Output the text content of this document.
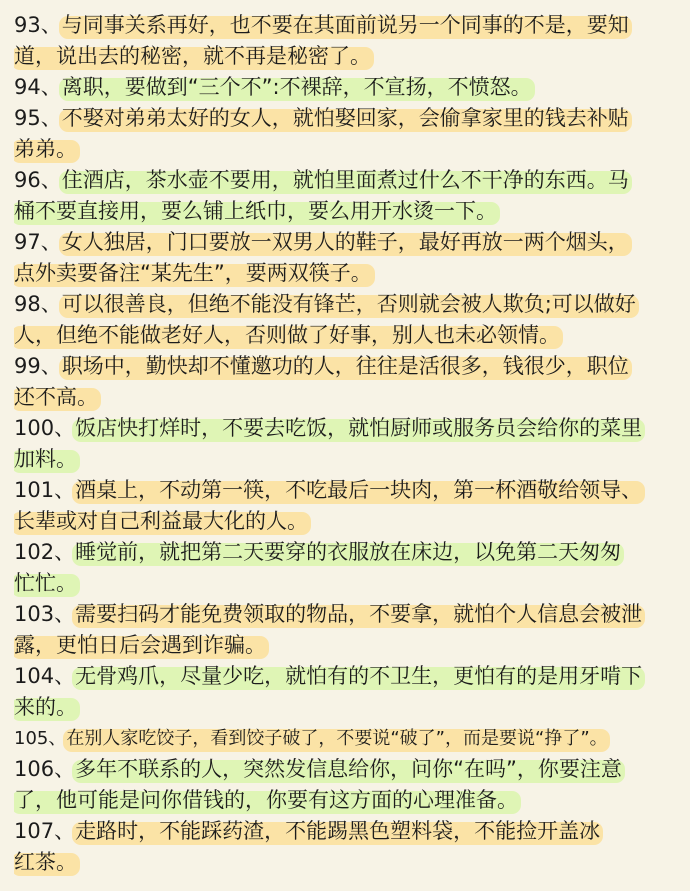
93、与同事关系再好，也不要在其面前说另一个同事的不是，要知
道，说出去的秘密，就不再是秘密了。
94、离职，要做到“三个不”:不裸辞，不宣扬，不愤怒。
95、不娶对弟弟太好的女人，就怕娶回家，会偷拿家里的钱去补贴
弟弟。
96、住酒店，茶水壶不要用，就怕里面煮过什么不干净的东西。马
桶不要直接用，要么铺上纸巾，要么用开水烫一下。
97、女人独居，门口要放一双男人的鞋子，最好再放一两个烟头，
点外卖要备注“某先生”，要两双筷子。
98、可以很善良，但绝不能没有锋芒，否则就会被人欺负;可以做好
人，但绝不能做老好人，否则做了好事，别人也未必领情。
99、职场中，勤快却不懂邀功的人，往往是活很多，钱很少，职位
还不高。
100、饭店快打烊时，不要去吃饭，就怕厨师或服务员会给你的菜里
加料。
101、酒桌上，不动第一筷，不吃最后一块肉，第一杯酒敬给领导、
长辈或对自己利益最大化的人。
102、睡觉前，就把第二天要穿的衣服放在床边，以免第二天匆匆
忙忙。
103、需要扫码才能免费领取的物品，不要拿，就怕个人信息会被泄
露，更怕日后会遇到诈骗。
104、无骨鸡爪，尽量少吃，就怕有的不卫生，更怕有的是用牙啃下
来的。
105、在别人家吃饺子，看到饺子破了，不要说“破了”，而是要说“挣了”。
106、多年不联系的人，突然发信息给你，问你“在吗”，你要注意
了，他可能是问你借钱的，你要有这方面的心理准备。
107、走路时，不能踩药渣，不能踢黑色塑料袋，不能捡开盖冰
红茶。
